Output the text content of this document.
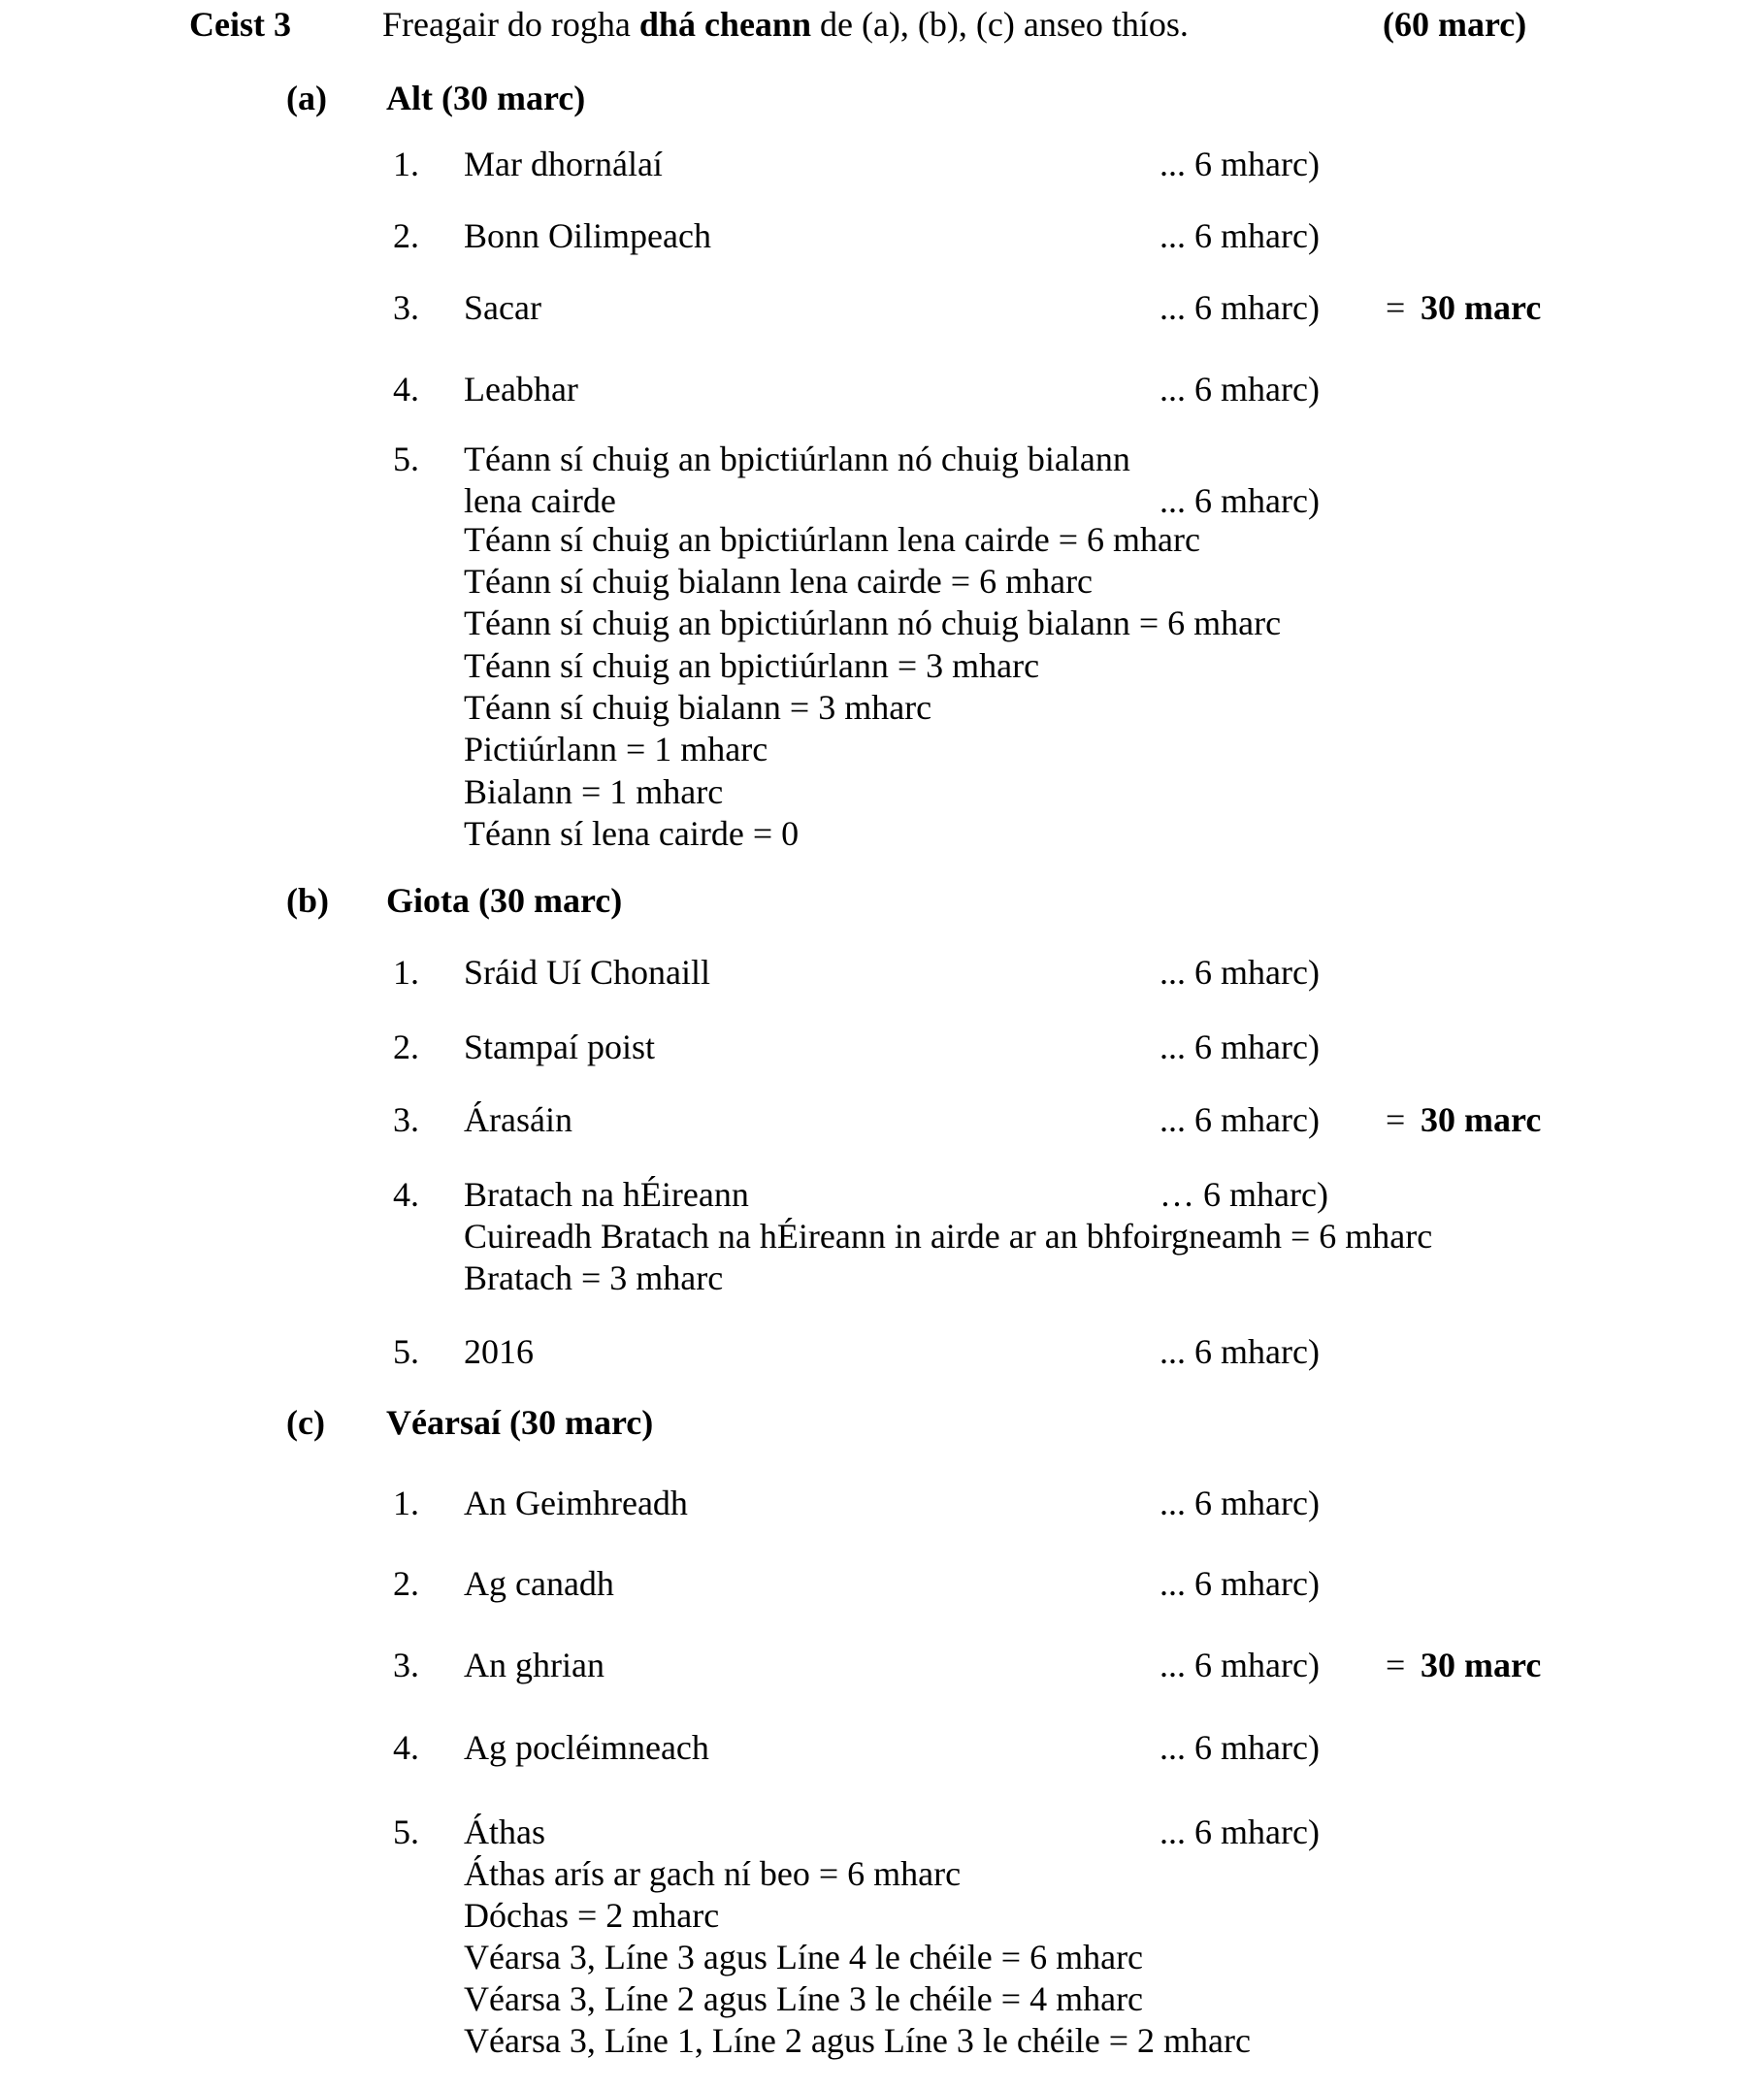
Ceist 3	Freagair do rogha dhá cheann de (a), (b), (c) anseo thíos.	(60 marc)
(a) Alt (30 marc)
1. Mar dhornálaí	... 6 mharc)
2. Bonn Oilimpeach	... 6 mharc)
3. Sacar	... 6 mharc) = 30 marc
4. Leabhar	... 6 mharc)
5. Téann sí chuig an bpictiúrlann nó chuig bialann
lena cairde	... 6 mharc)
Téann sí chuig an bpictiúrlann lena cairde = 6 mharc
Téann sí chuig bialann lena cairde = 6 mharc
Téann sí chuig an bpictiúrlann nó chuig bialann = 6 mharc
Téann sí chuig an bpictiúrlann = 3 mharc
Téann sí chuig bialann = 3 mharc
Pictiúrlann = 1 mharc
Bialann = 1 mharc
Téann sí lena cairde = 0
(b) Giota (30 marc)
1. Sráid Uí Chonaill	... 6 mharc)
2. Stampaí poist	... 6 mharc)
3. Árasáin	... 6 mharc) = 30 marc
4. Bratach na hÉireann	… 6 mharc)
Cuireadh Bratach na hÉireann in airde ar an bhfoirgneamh = 6 mharc
Bratach = 3 mharc
5. 2016	... 6 mharc)
(c) Véarsaí (30 marc)
1. An Geimhreadh	... 6 mharc)
2. Ag canadh	... 6 mharc)
3. An ghrian	... 6 mharc) = 30 marc
4. Ag pocléimneach	... 6 mharc)
5. Áthas	... 6 mharc)
Áthas arís ar gach ní beo = 6 mharc
Dóchas = 2 mharc
Véarsa 3, Líne 3 agus Líne 4 le chéile = 6 mharc
Véarsa 3, Líne 2 agus Líne 3 le chéile = 4 mharc
Véarsa 3, Líne 1, Líne 2 agus Líne 3 le chéile = 2 mharc
